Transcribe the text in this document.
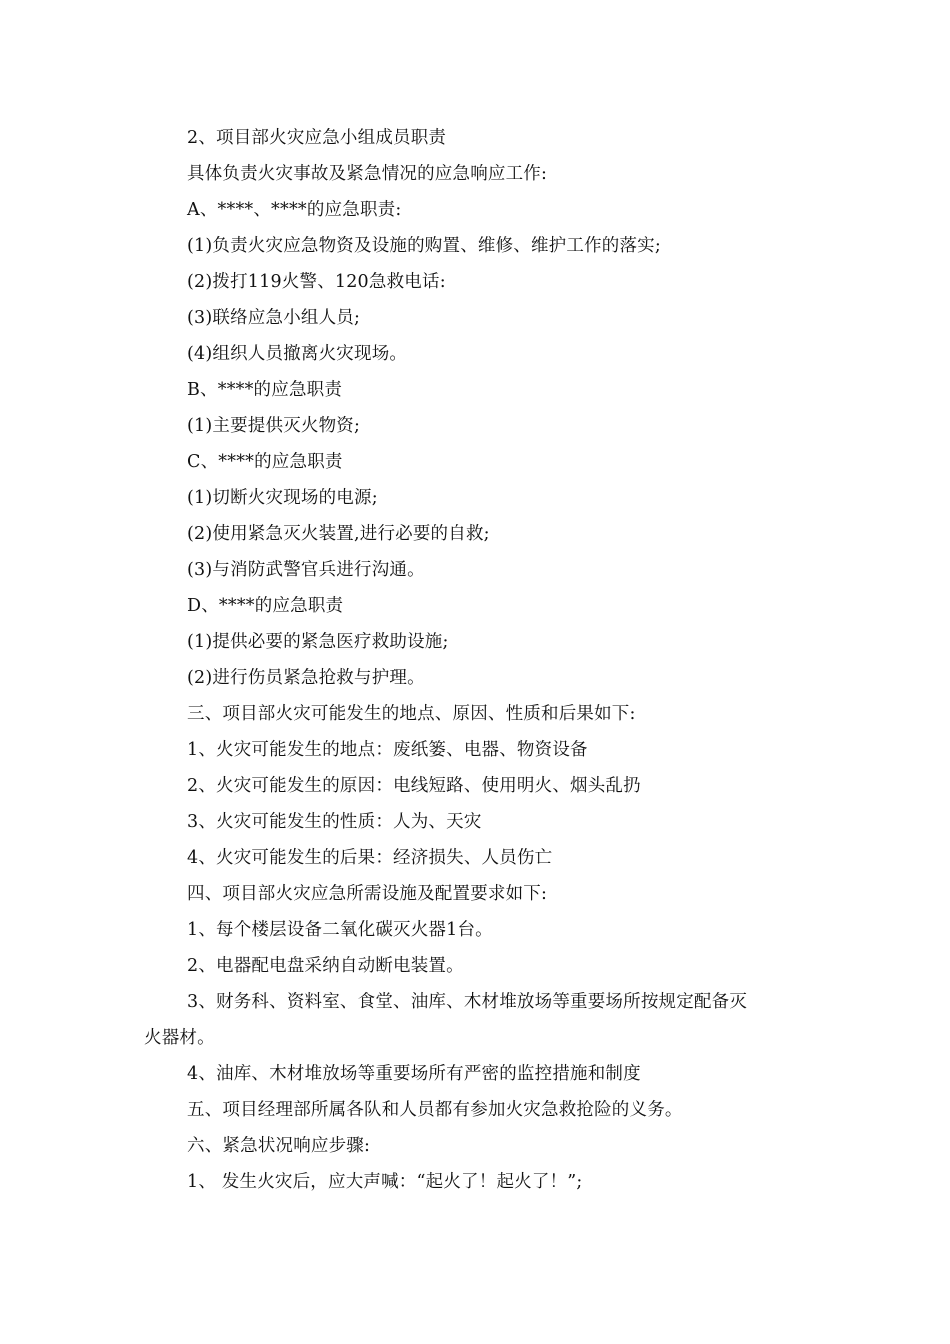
2、项目部火灾应急小组成员职责
具体负责火灾事故及紧急情况的应急响应工作:
A、****、****的应急职责:
(1)负责火灾应急物资及设施的购置、维修、维护工作的落实;
(2)拨打119火警、120急救电话:
(3)联络应急小组人员;
(4)组织人员撤离火灾现场。
B、****的应急职责
(1)主要提供灭火物资;
C、****的应急职责
(1)切断火灾现场的电源;
(2)使用紧急灭火装置,进行必要的自救;
(3)与消防武警官兵进行沟通。
D、****的应急职责
(1)提供必要的紧急医疗救助设施;
(2)进行伤员紧急抢救与护理。
三、项目部火灾可能发生的地点、原因、性质和后果如下:
1、火灾可能发生的地点：废纸篓、电器、物资设备
2、火灾可能发生的原因：电线短路、使用明火、烟头乱扔
3、火灾可能发生的性质：人为、天灾
4、火灾可能发生的后果：经济损失、人员伤亡
四、项目部火灾应急所需设施及配置要求如下:
1、每个楼层设备二氧化碳灭火器1台。
2、电器配电盘采纳自动断电装置。
3、财务科、资料室、食堂、油库、木材堆放场等重要场所按规定配备灭
火器材。
4、油库、木材堆放场等重要场所有严密的监控措施和制度
五、项目经理部所属各队和人员都有参加火灾急救抢险的义务。
六、紧急状况响应步骤:
1、 发生火灾后，应大声喊：“起火了！起火了！”;
